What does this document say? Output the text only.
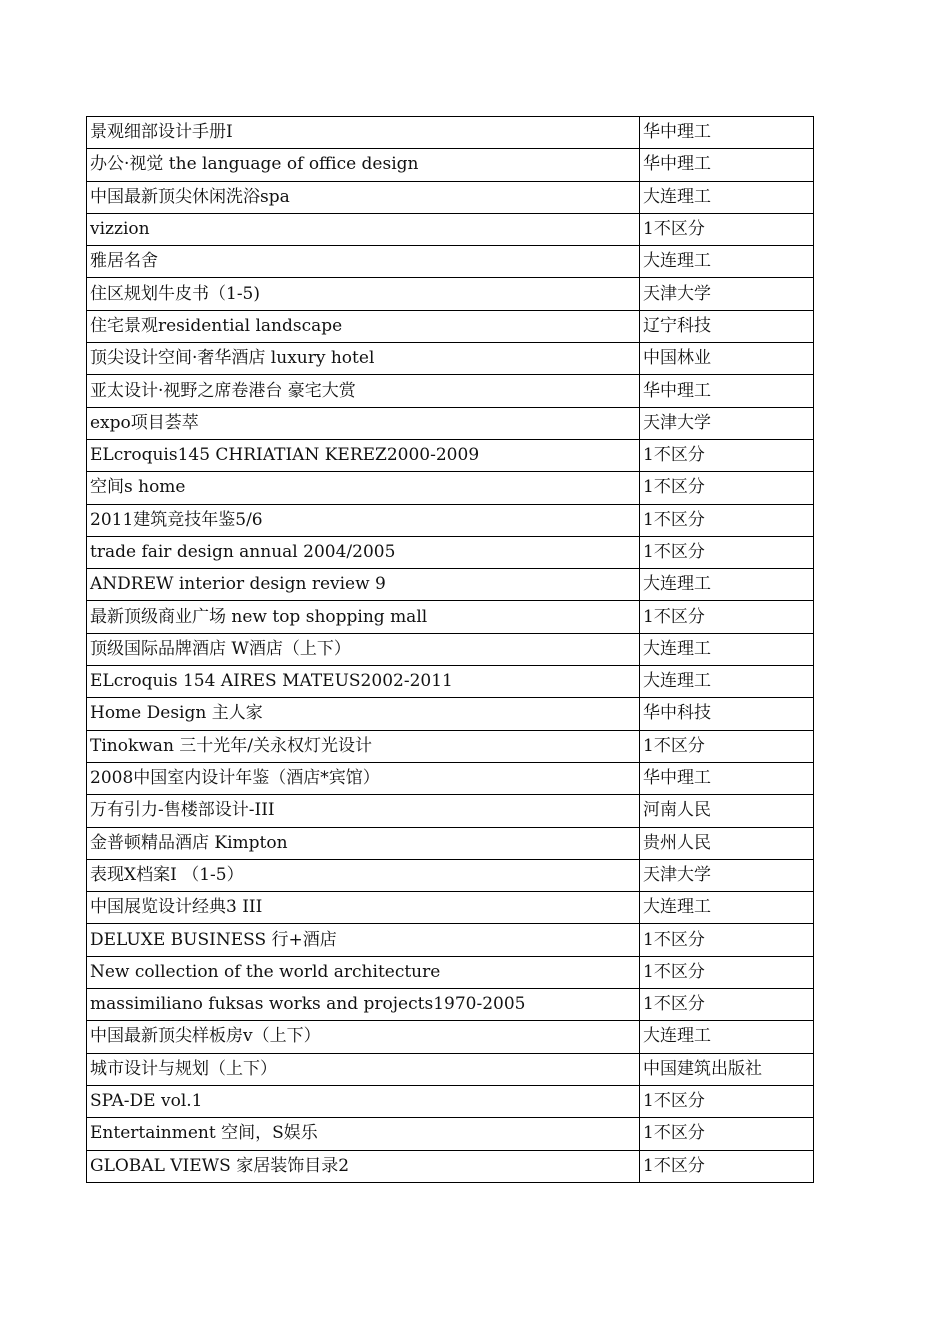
景观细部设计手册I	华中理工
办公·视觉 the language of office design	华中理工
中国最新顶尖休闲洗浴spa	大连理工
vizzion	1不区分
雅居名舍	大连理工
住区规划牛皮书（1-5)	天津大学
住宅景观residential landscape	辽宁科技
顶尖设计空间·奢华酒店 luxury hotel	中国林业
亚太设计·视野之席卷港台 豪宅大赏	华中理工
expo项目荟萃	天津大学
ELcroquis145 CHRIATIAN KEREZ2000-2009	1不区分
空间s home	1不区分
2011建筑竞技年鉴5/6	1不区分
trade fair design annual 2004/2005	1不区分
ANDREW interior design review 9	大连理工
最新顶级商业广场 new top shopping mall	1不区分
顶级国际品牌酒店 W酒店（上下）	大连理工
ELcroquis 154 AIRES MATEUS2002-2011	大连理工
Home Design 主人家	华中科技
Tinokwan 三十光年/关永权灯光设计	1不区分
2008中国室内设计年鉴（酒店*宾馆）	华中理工
万有引力-售楼部设计-III	河南人民
金普顿精品酒店 Kimpton	贵州人民
表现X档案I （1-5）	天津大学
中国展览设计经典3 III	大连理工
DELUXE BUSINESS 行+酒店	1不区分
New collection of the world architecture	1不区分
massimiliano fuksas works and projects1970-2005	1不区分
中国最新顶尖样板房v（上下）	大连理工
城市设计与规划（上下）	中国建筑出版社
SPA-DE vol.1	1不区分
Entertainment 空间，S娱乐	1不区分
GLOBAL VIEWS 家居装饰目录2	1不区分
